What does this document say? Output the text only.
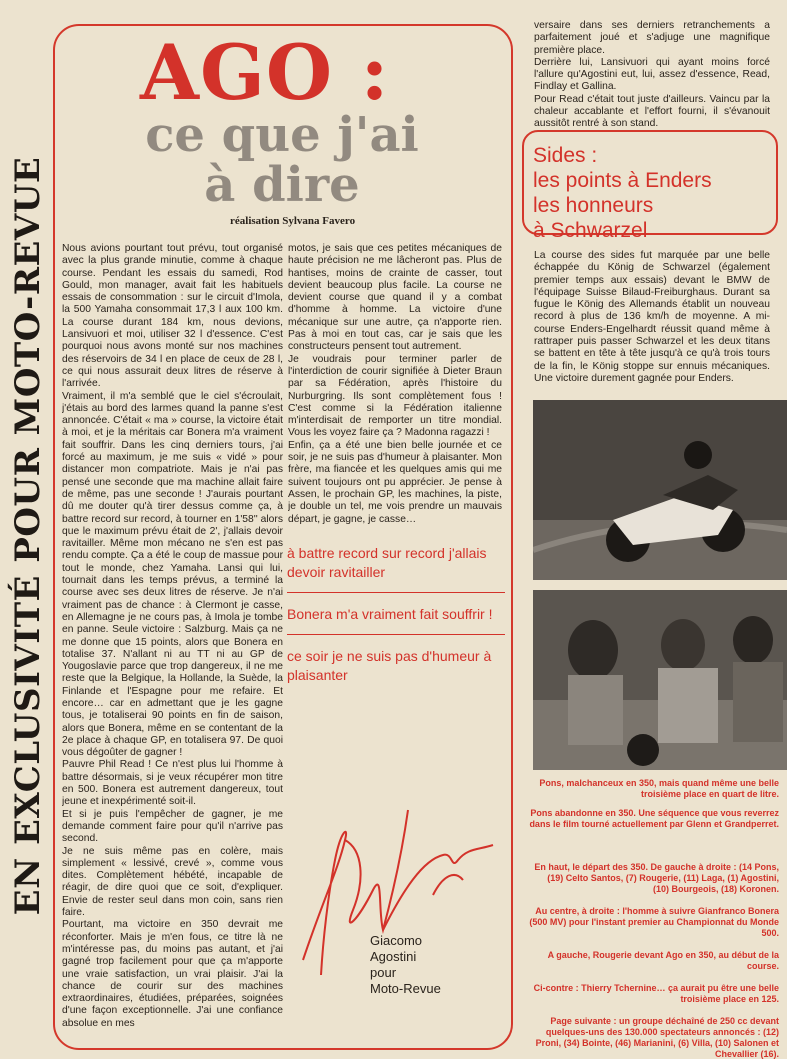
EN EXCLUSIVITÉ POUR MOTO-REVUE
AGO :
ce que j'ai
à dire
réalisation Sylvana Favero

Nous avions pourtant tout prévu, tout organisé avec la plus grande minutie, comme à chaque course. Pendant les essais du samedi, Rod Gould, mon manager, avait fait les habituels essais de consommation : sur le circuit d'Imola, la 500 Yamaha consommait 17,3 l aux 100 km. La course durant 184 km, nous devions, Lansivuori et moi, utiliser 32 l d'essence. C'est pourquoi nous avons monté sur nos machines des réservoirs de 34 l en place de ceux de 28 l, ce qui nous assurait deux litres de réserve à l'arrivée.

Vraiment, il m'a semblé que le ciel s'écroulait, j'étais au bord des larmes quand la panne s'est annoncée. C'était « ma » course, la victoire était à moi, et je la méritais car Bonera m'a vraiment fait souffrir. Dans les cinq derniers tours, j'ai forcé au maximum, je me suis « vidé » pour distancer mon compatriote. Mais je n'ai pas pensé une seconde que ma machine allait faire de même, pas une seconde ! J'aurais pourtant dû me douter qu'à tirer dessus comme ça, à battre record sur record, à tourner en 1'58'' alors que le maximum prévu était de 2', j'allais devoir ravitailler. Même mon mécano ne s'en est pas rendu compte. Ça a été le coup de massue pour tout le monde, chez Yamaha. Lansi qui lui, tournait dans les temps prévus, a terminé la course avec ses deux litres de réserve. Je n'ai vraiment pas de chance : à Clermont je casse, en Allemagne je ne cours pas, à Imola je tombe en panne. Seule victoire : Salzburg. Mais ça ne me donne que 15 points, alors que Bonera en totalise 37. N'allant ni au TT ni au GP de Yougoslavie parce que trop dangereux, il ne me reste que la Belgique, la Hollande, la Suède, la Finlande et l'Espagne pour me refaire. Et encore… car en admettant que je les gagne tous, je totaliserai 90 points en fin de saison, alors que Bonera, même en se contentant de la 2e place à chaque GP, en totalisera 97. De quoi vous dégoûter de gagner !

Pauvre Phil Read ! Ce n'est plus lui l'homme à battre désormais, si je veux récupérer mon titre en 500. Bonera est autrement dangereux, tout jeune et inexpérimenté soit-il.

Et si je puis l'empêcher de gagner, je me demande comment faire pour qu'il n'arrive pas second.

Je ne suis même pas en colère, mais simplement « lessivé, crevé », comme vous dites. Complètement hébété, incapable de réagir, de dire quoi que ce soit, d'expliquer. Envie de rester seul dans mon coin, sans rien faire.

Pourtant, ma victoire en 350 devrait me réconforter. Mais je m'en fous, ce titre là ne m'intéresse pas, du moins pas autant, et j'ai gagné trop facilement pour que ça m'apporte une vraie satisfaction, un vrai plaisir. J'ai la chance de courir sur des machines extraordinaires, étudiées, préparées, soignées d'une façon exceptionnelle. J'ai une confiance absolue en mes

motos, je sais que ces petites mécaniques de haute précision ne me lâcheront pas. Plus de hantises, moins de crainte de casser, tout devient beaucoup plus facile. La course ne devient course que quand il y a combat d'homme à homme. La victoire d'une mécanique sur une autre, ça n'apporte rien. Pas à moi en tout cas, car je sais que les constructeurs pensent tout autrement.

Je voudrais pour terminer parler de l'interdiction de courir signifiée à Dieter Braun par sa Fédération, après l'histoire du Nurburgring. Ils sont complètement fous ! C'est comme si la Fédération italienne m'interdisait de remporter un titre mondial. Vous les voyez faire ça ? Madonna ragazzi !

Enfin, ça a été une bien belle journée et ce soir, je ne suis pas d'humeur à plaisanter. Mon frère, ma fiancée et les quelques amis qui me suivent toujours ont pu apprécier. Je pense à Assen, le prochain GP, les machines, la piste, je double un tel, me vois prendre un mauvais départ, je gagne, je casse…

à battre record sur record j'allais devoir ravitailler
Bonera m'a vraiment fait souffrir !
ce soir je ne suis pas d'humeur à plaisanter
Giacomo
Agostini
pour
Moto-Revue

versaire dans ses derniers retranchements a parfaitement joué et s'adjuge une magnifique première place.

Derrière lui, Lansivuori qui ayant moins forcé l'allure qu'Agostini eut, lui, assez d'essence, Read, Findlay et Gallina.

Pour Read c'était tout juste d'ailleurs. Vaincu par la chaleur accablante et l'effort fourni, il s'évanouit aussitôt rentré à son stand.

Sides :
les points à Enders
les honneurs
à Schwarzel
La course des sides fut marquée par une belle échappée du König de Schwarzel (également premier temps aux essais) devant le BMW de l'équipage Suisse Bilaud-Freiburghaus. Durant sa fugue le König des Allemands établit un nouveau record à plus de 136 km/h de moyenne. A mi-course Enders-Engelhardt réussit quand même à rattraper puis passer Schwarzel et les deux titans se battent en tête à tête jusqu'à ce qu'à trois tours de la fin, le König stoppe sur ennuis mécaniques. Une victoire durement gagnée pour Enders.
Pons, malchanceux en 350, mais quand même une belle troisième place en quart de litre.
Pons abandonne en 350. Une séquence que vous reverrez dans le film tourné actuellement par Glenn et Grandperret.

En haut, le départ des 350. De gauche à droite : (14 Pons, (19) Celto Santos, (7) Rougerie, (11) Laga, (1) Agostini, (10) Bourgeois, (18) Koronen.

Au centre, à droite : l'homme à suivre Gianfranco Bonera (500 MV) pour l'instant premier au Championnat du Monde 500.

A gauche, Rougerie devant Ago en 350, au début de la course.

Ci-contre : Thierry Tchernine… ça aurait pu être une belle troisième place en 125.

Page suivante : un groupe déchaîné de 250 cc devant quelques-uns des 130.000 spectateurs annoncés : (12) Proni, (34) Bointe, (46) Marianini, (6) Villa, (10) Salonen et Chevallier (16).
